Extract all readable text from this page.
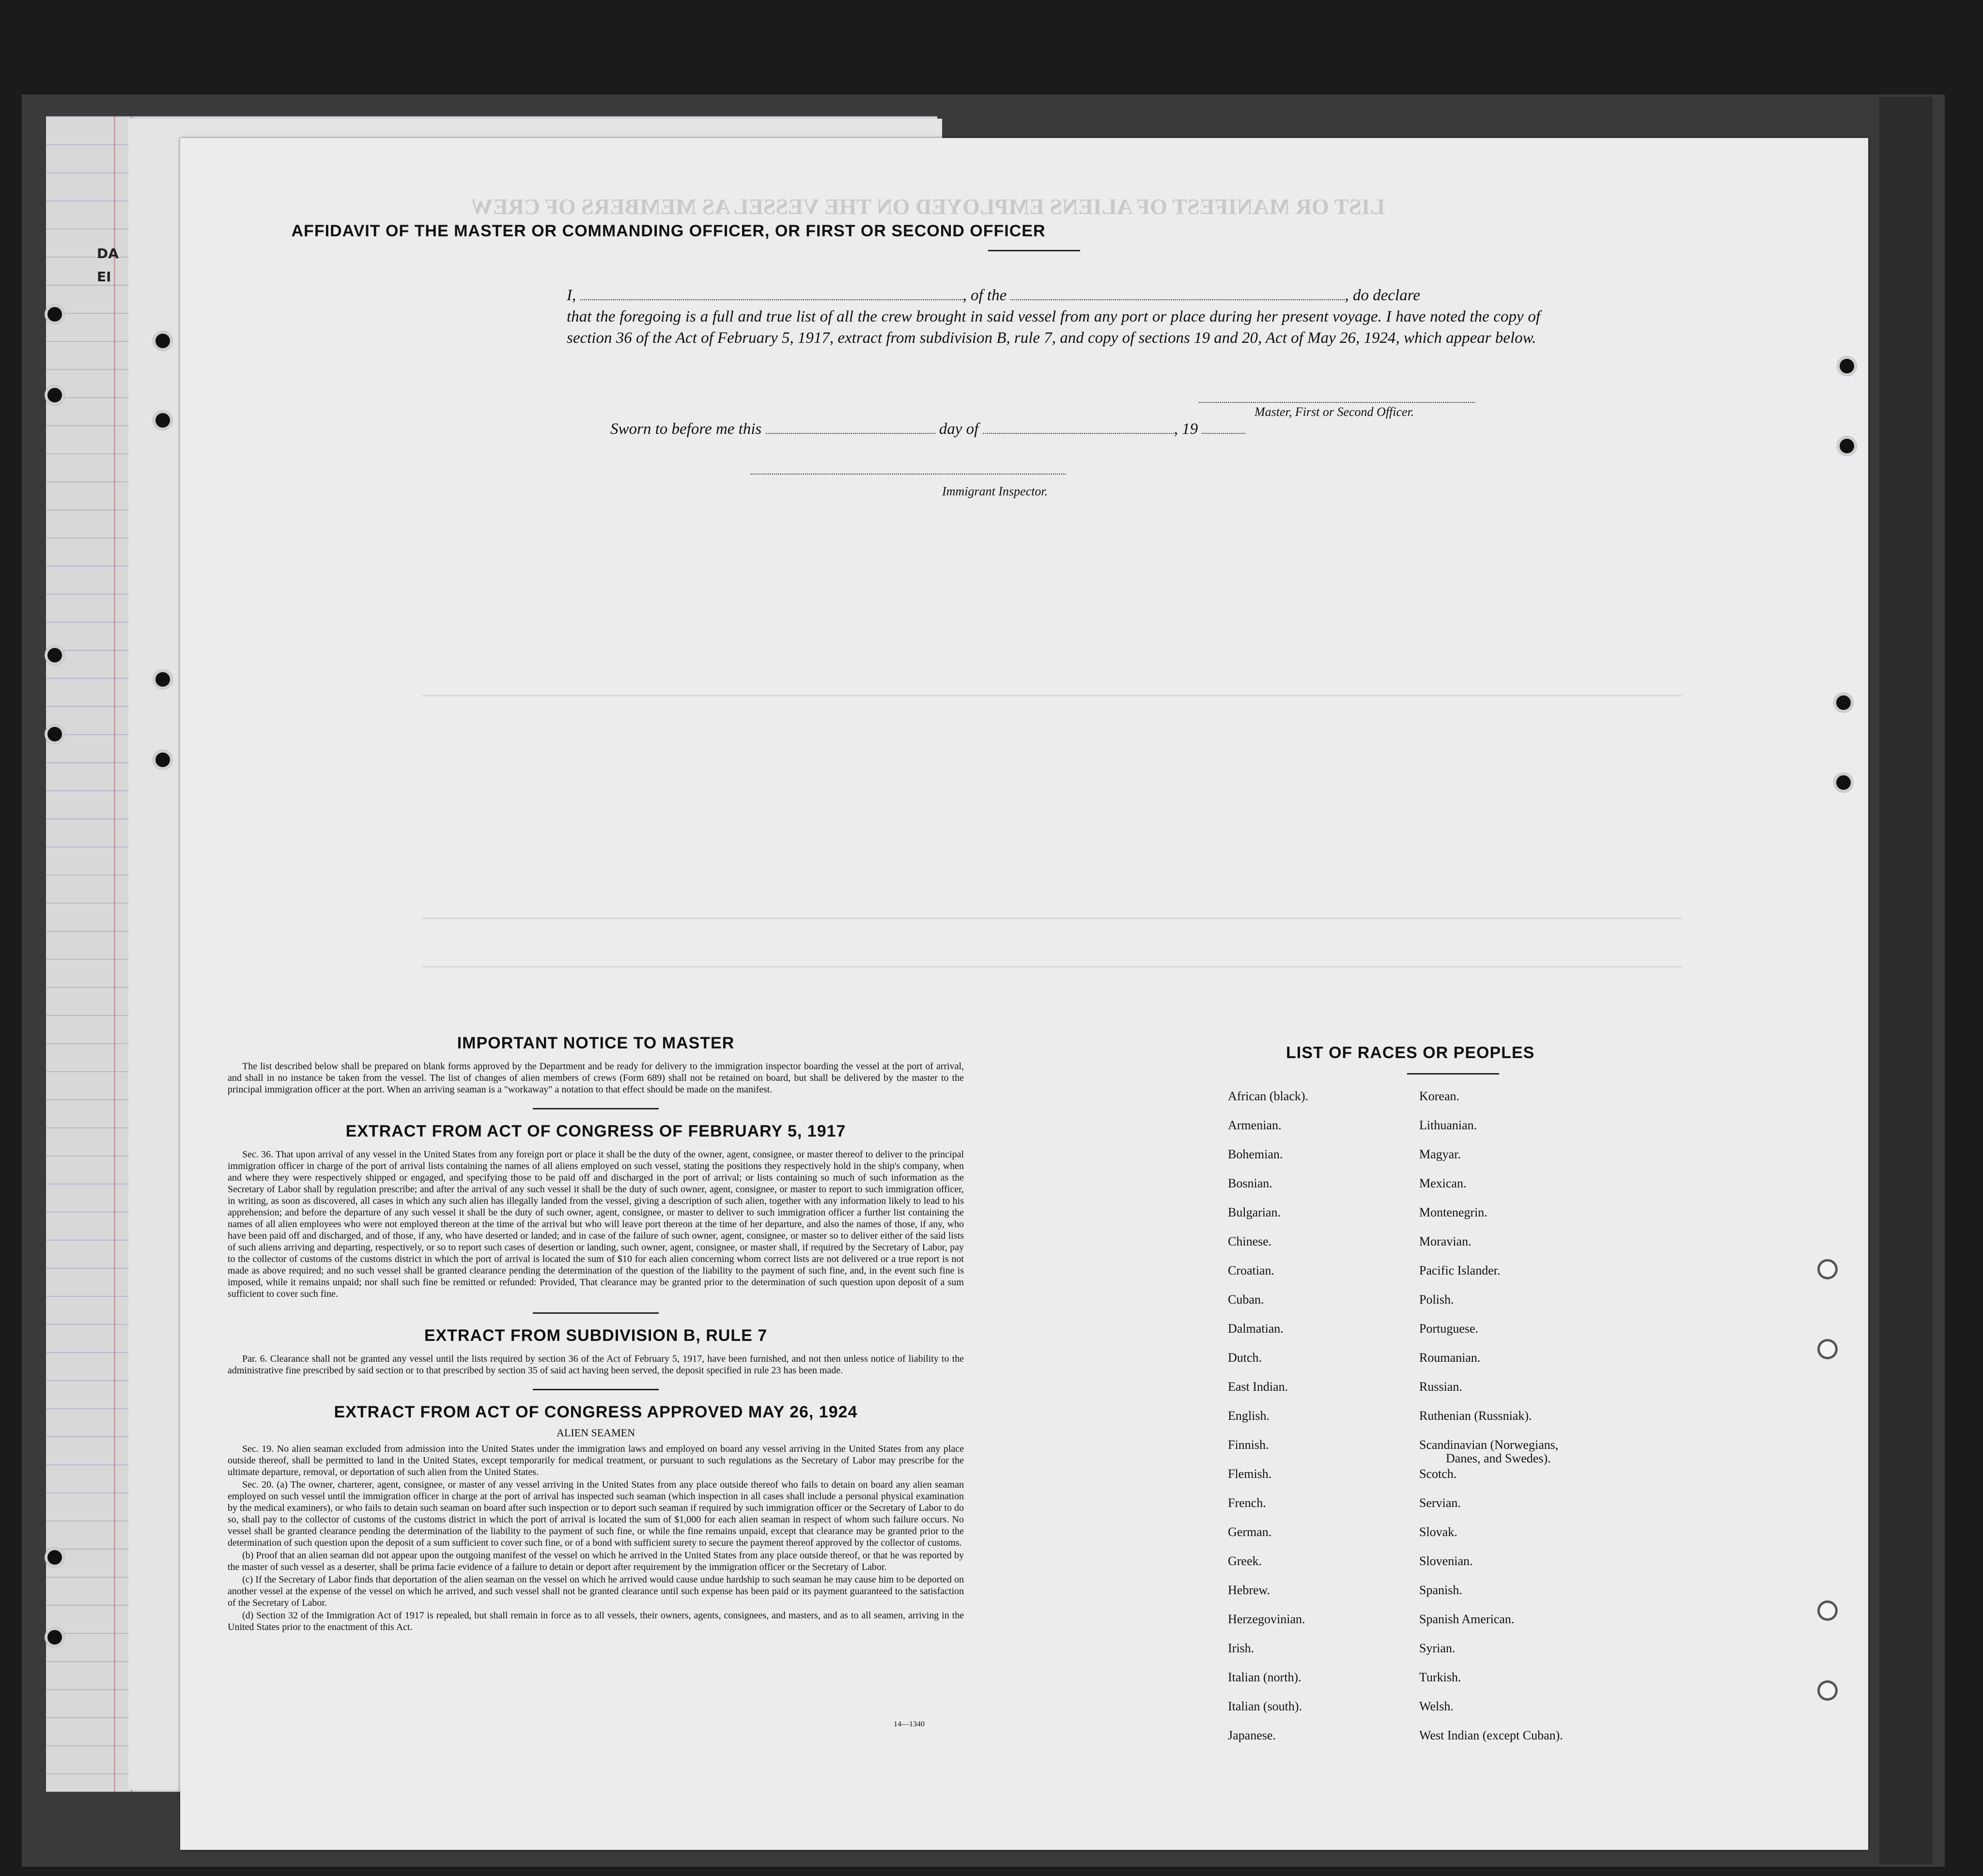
DA
EI
LIST OR MANIFEST OF ALIENS EMPLOYED ON THE VESSEL AS MEMBERS OF CREW
AFFIDAVIT OF THE MASTER OR COMMANDING OFFICER, OR FIRST OR SECOND OFFICER
I,	, of the	, do declare
that the foregoing is a full and true list of all the crew brought in said vessel from any port or place during her present voyage. I have noted the copy of section 36 of the Act of February 5, 1917, extract from subdivision B, rule 7, and copy of sections 19 and 20, Act of May 26, 1924, which appear below.
Master, First or Second Officer.
Sworn to before me this	day of	, 19
Immigrant Inspector.
IMPORTANT NOTICE TO MASTER

The list described below shall be prepared on blank forms approved by the Department and be ready for delivery to the immigration inspector boarding the vessel at the port of arrival, and shall in no instance be taken from the vessel. The list of changes of alien members of crews (Form 689) shall not be retained on board, but shall be delivered by the master to the principal immigration officer at the port. When an arriving seaman is a "workaway" a notation to that effect should be made on the manifest.

EXTRACT FROM ACT OF CONGRESS OF FEBRUARY 5, 1917

Sec. 36. That upon arrival of any vessel in the United States from any foreign port or place it shall be the duty of the owner, agent, consignee, or master thereof to deliver to the principal immigration officer in charge of the port of arrival lists containing the names of all aliens employed on such vessel, stating the positions they respectively hold in the ship's company, when and where they were respectively shipped or engaged, and specifying those to be paid off and discharged in the port of arrival; or lists containing so much of such information as the Secretary of Labor shall by regulation prescribe; and after the arrival of any such vessel it shall be the duty of such owner, agent, consignee, or master to report to such immigration officer, in writing, as soon as discovered, all cases in which any such alien has illegally landed from the vessel, giving a description of such alien, together with any information likely to lead to his apprehension; and before the departure of any such vessel it shall be the duty of such owner, agent, consignee, or master to deliver to such immigration officer a further list containing the names of all alien employees who were not employed thereon at the time of the arrival but who will leave port thereon at the time of her departure, and also the names of those, if any, who have been paid off and discharged, and of those, if any, who have deserted or landed; and in case of the failure of such owner, agent, consignee, or master so to deliver either of the said lists of such aliens arriving and departing, respectively, or so to report such cases of desertion or landing, such owner, agent, consignee, or master shall, if required by the Secretary of Labor, pay to the collector of customs of the customs district in which the port of arrival is located the sum of $10 for each alien concerning whom correct lists are not delivered or a true report is not made as above required; and no such vessel shall be granted clearance pending the determination of the question of the liability to the payment of such fine, and, in the event such fine is imposed, while it remains unpaid; nor shall such fine be remitted or refunded: Provided, That clearance may be granted prior to the determination of such question upon deposit of a sum sufficient to cover such fine.

EXTRACT FROM SUBDIVISION B, RULE 7

Par. 6. Clearance shall not be granted any vessel until the lists required by section 36 of the Act of February 5, 1917, have been furnished, and not then unless notice of liability to the administrative fine prescribed by said section or to that prescribed by section 35 of said act having been served, the deposit specified in rule 23 has been made.

EXTRACT FROM ACT OF CONGRESS APPROVED MAY 26, 1924
ALIEN SEAMEN

Sec. 19. No alien seaman excluded from admission into the United States under the immigration laws and employed on board any vessel arriving in the United States from any place outside thereof, shall be permitted to land in the United States, except temporarily for medical treatment, or pursuant to such regulations as the Secretary of Labor may prescribe for the ultimate departure, removal, or deportation of such alien from the United States.

Sec. 20. (a) The owner, charterer, agent, consignee, or master of any vessel arriving in the United States from any place outside thereof who fails to detain on board any alien seaman employed on such vessel until the immigration officer in charge at the port of arrival has inspected such seaman (which inspection in all cases shall include a personal physical examination by the medical examiners), or who fails to detain such seaman on board after such inspection or to deport such seaman if required by such immigration officer or the Secretary of Labor to do so, shall pay to the collector of customs of the customs district in which the port of arrival is located the sum of $1,000 for each alien seaman in respect of whom such failure occurs. No vessel shall be granted clearance pending the determination of the liability to the payment of such fine, or while the fine remains unpaid, except that clearance may be granted prior to the determination of such question upon the deposit of a sum sufficient to cover such fine, or of a bond with sufficient surety to secure the payment thereof approved by the collector of customs.

(b) Proof that an alien seaman did not appear upon the outgoing manifest of the vessel on which he arrived in the United States from any place outside thereof, or that he was reported by the master of such vessel as a deserter, shall be prima facie evidence of a failure to detain or deport after requirement by the immigration officer or the Secretary of Labor.

(c) If the Secretary of Labor finds that deportation of the alien seaman on the vessel on which he arrived would cause undue hardship to such seaman he may cause him to be deported on another vessel at the expense of the vessel on which he arrived, and such vessel shall not be granted clearance until such expense has been paid or its payment guaranteed to the satisfaction of the Secretary of Labor.

(d) Section 32 of the Immigration Act of 1917 is repealed, but shall remain in force as to all vessels, their owners, agents, consignees, and masters, and as to all seamen, arriving in the United States prior to the enactment of this Act.

14—1340
LIST OF RACES OR PEOPLES
African (black).
Armenian.
Bohemian.
Bosnian.
Bulgarian.
Chinese.
Croatian.
Cuban.
Dalmatian.
Dutch.
East Indian.
English.
Finnish.
Flemish.
French.
German.
Greek.
Hebrew.
Herzegovinian.
Irish.
Italian (north).
Italian (south).
Japanese.
Korean.
Lithuanian.
Magyar.
Mexican.
Montenegrin.
Moravian.
Pacific Islander.
Polish.
Portuguese.
Roumanian.
Russian.
Ruthenian (Russniak).
Scandinavian (Norwegians,
Danes, and Swedes).
Scotch.
Servian.
Slovak.
Slovenian.
Spanish.
Spanish American.
Syrian.
Turkish.
Welsh.
West Indian (except Cuban).
